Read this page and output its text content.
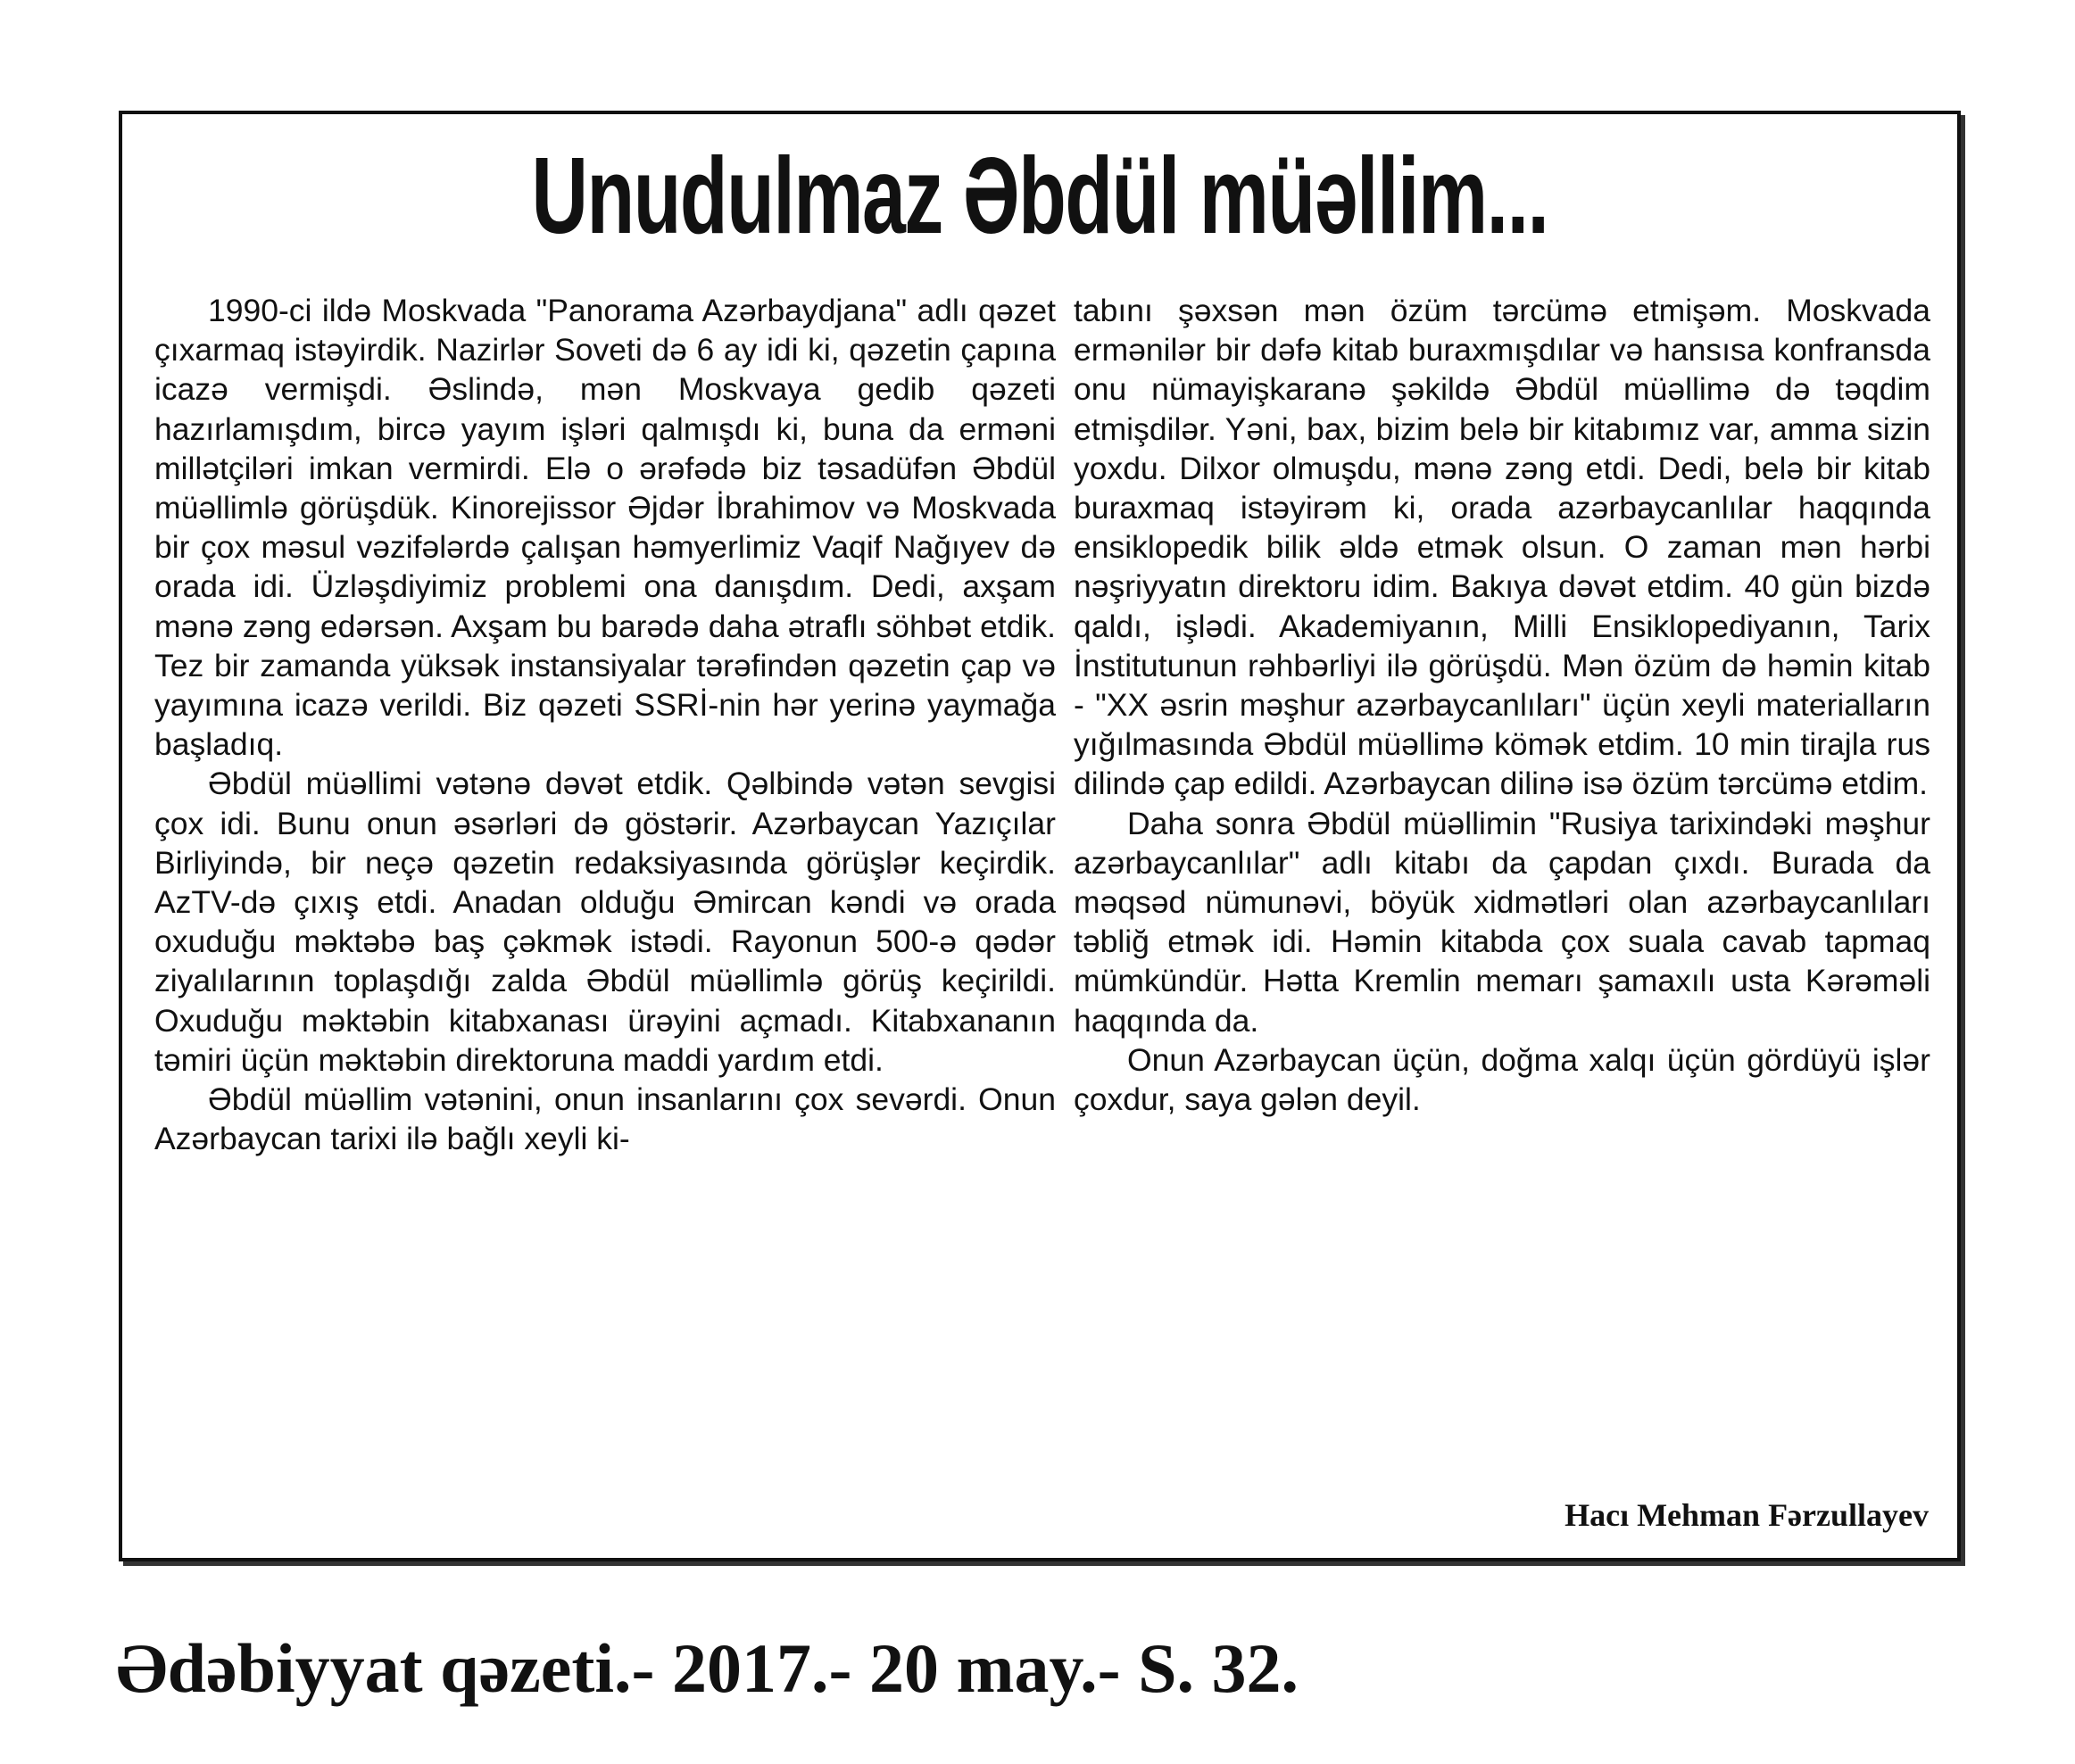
Unudulmaz Əbdül müəllim...

1990-ci ildə Moskvada "Panorama Azərbaydjana" adlı qəzet çıxarmaq istəyirdik. Nazirlər Soveti də 6 ay idi ki, qəzetin çapına icazə vermişdi. Əslində, mən Moskvaya gedib qəzeti hazırlamışdım, bircə yayım işləri qalmışdı ki, buna da erməni millətçiləri imkan vermirdi. Elə o ərəfədə biz təsadüfən Əbdül müəllimlə görüşdük. Kinorejissor Əjdər İbrahimov və Moskvada bir çox məsul vəzifələrdə çalışan həmyerlimiz Vaqif Nağıyev də orada idi. Üzləşdiyimiz problemi ona danışdım. Dedi, axşam mənə zəng edərsən. Axşam bu barədə daha ətraflı söhbət etdik. Tez bir zamanda yüksək instansiyalar tərəfindən qəzetin çap və yayımına icazə verildi. Biz qəzeti SSRİ-nin hər yerinə yaymağa başladıq.

Əbdül müəllimi vətənə dəvət etdik. Qəlbində vətən sevgisi çox idi. Bunu onun əsərləri də göstərir. Azərbaycan Yazıçılar Birliyində, bir neçə qəzetin redaksiyasında görüşlər keçirdik. AzTV-də çıxış etdi. Anadan olduğu Əmircan kəndi və orada oxuduğu məktəbə baş çəkmək istədi. Rayonun 500-ə qədər ziyalılarının toplaşdığı zalda Əbdül müəllimlə görüş keçirildi. Oxuduğu məktəbin kitabxanası ürəyini açmadı. Kitabxananın təmiri üçün məktəbin direktoruna maddi yardım etdi.

Əbdül müəllim vətənini, onun insanlarını çox sevərdi. Onun Azərbaycan tarixi ilə bağlı xeyli ki-

tabını şəxsən mən özüm tərcümə etmişəm. Moskvada ermənilər bir dəfə kitab buraxmışdılar və hansısa konfransda onu nümayişkaranə şəkildə Əbdül müəllimə də təqdim etmişdilər. Yəni, bax, bizim belə bir kitabımız var, amma sizin yoxdu. Dilxor olmuşdu, mənə zəng etdi. Dedi, belə bir kitab buraxmaq istəyirəm ki, orada azərbaycanlılar haqqında ensiklopedik bilik əldə etmək olsun. O zaman mən hərbi nəşriyyatın direktoru idim. Bakıya dəvət etdim. 40 gün bizdə qaldı, işlədi. Akademiyanın, Milli Ensiklopediyanın, Tarix İnstitutunun rəhbərliyi ilə görüşdü. Mən özüm də həmin kitab - "XX əsrin məşhur azərbaycanlıları" üçün xeyli materialların yığılmasında Əbdül müəllimə kömək etdim. 10 min tirajla rus dilində çap edildi. Azərbaycan dilinə isə özüm tərcümə etdim.

Daha sonra Əbdül müəllimin "Rusiya tarixindəki məşhur azərbaycanlılar" adlı kitabı da çapdan çıxdı. Burada da məqsəd nümunəvi, böyük xidmətləri olan azərbaycanlıları təbliğ etmək idi. Həmin kitabda çox suala cavab tapmaq mümkündür. Hətta Kremlin memarı şamaxılı usta Kərəməli haqqında da.

Onun Azərbaycan üçün, doğma xalqı üçün gördüyü işlər çoxdur, saya gələn deyil.

Hacı Mehman Fərzullayev

Ədəbiyyat qəzeti.- 2017.- 20 may.- S. 32.
